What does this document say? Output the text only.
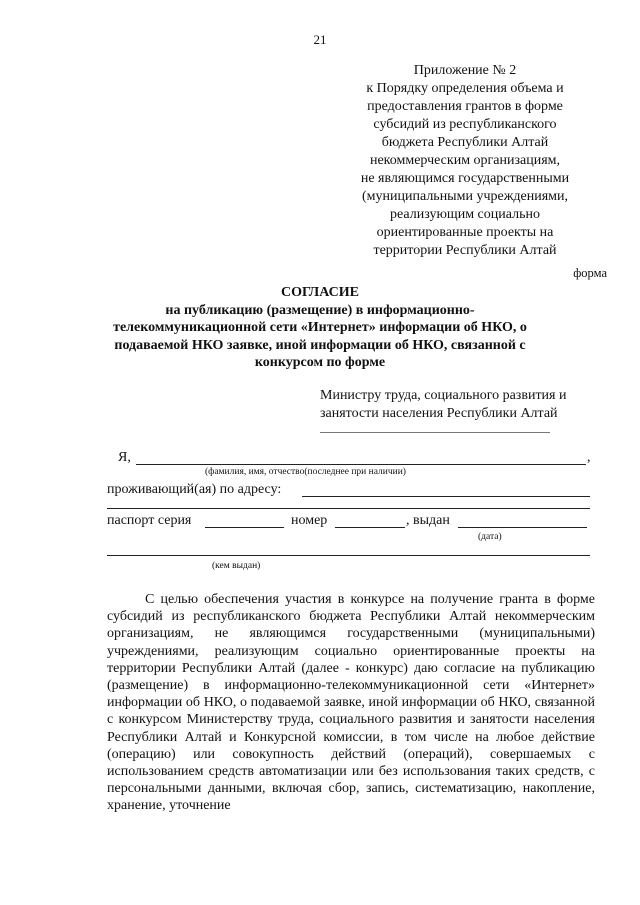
21
Приложение № 2
к Порядку определения объема и
предоставления грантов в форме
субсидий из республиканского
бюджета Республики Алтай
некоммерческим организациям,
не являющимся государственными
(муниципальными учреждениями,
реализующим социально
ориентированные проекты на
территории Республики Алтай
форма
СОГЛАСИЕ
на публикацию (размещение) в информационно-
телекоммуникационной сети «Интернет» информации об НКО, о
подаваемой НКО заявке, иной информации об НКО, связанной с
конкурсом по форме
Министру труда, социального развития и
занятости населения Республики Алтай
Я,	,
(фамилия, имя, отчество(последнее при наличии)
проживающий(ая) по адресу:
паспорт серия	номер	, выдан
(дата)
(кем выдан)

С целью обеспечения участия в конкурсе на получение гранта в форме субсидий из республиканского бюджета Республики Алтай некоммерческим организациям, не являющимся государственными (муниципальными) учреждениями, реализующим социально ориентированные проекты на территории Республики Алтай (далее - конкурс) даю согласие на публикацию (размещение) в информационно-телекоммуникационной сети «Интернет» информации об НКО, о подаваемой заявке, иной информации об НКО, связанной с конкурсом Министерству труда, социального развития и занятости населения Республики Алтай и Конкурсной комиссии, в том числе на любое действие (операцию) или совокупность действий (операций), совершаемых с использованием средств автоматизации или без использования таких средств, с персональными данными, включая сбор, запись, систематизацию, накопление, хранение, уточнение
